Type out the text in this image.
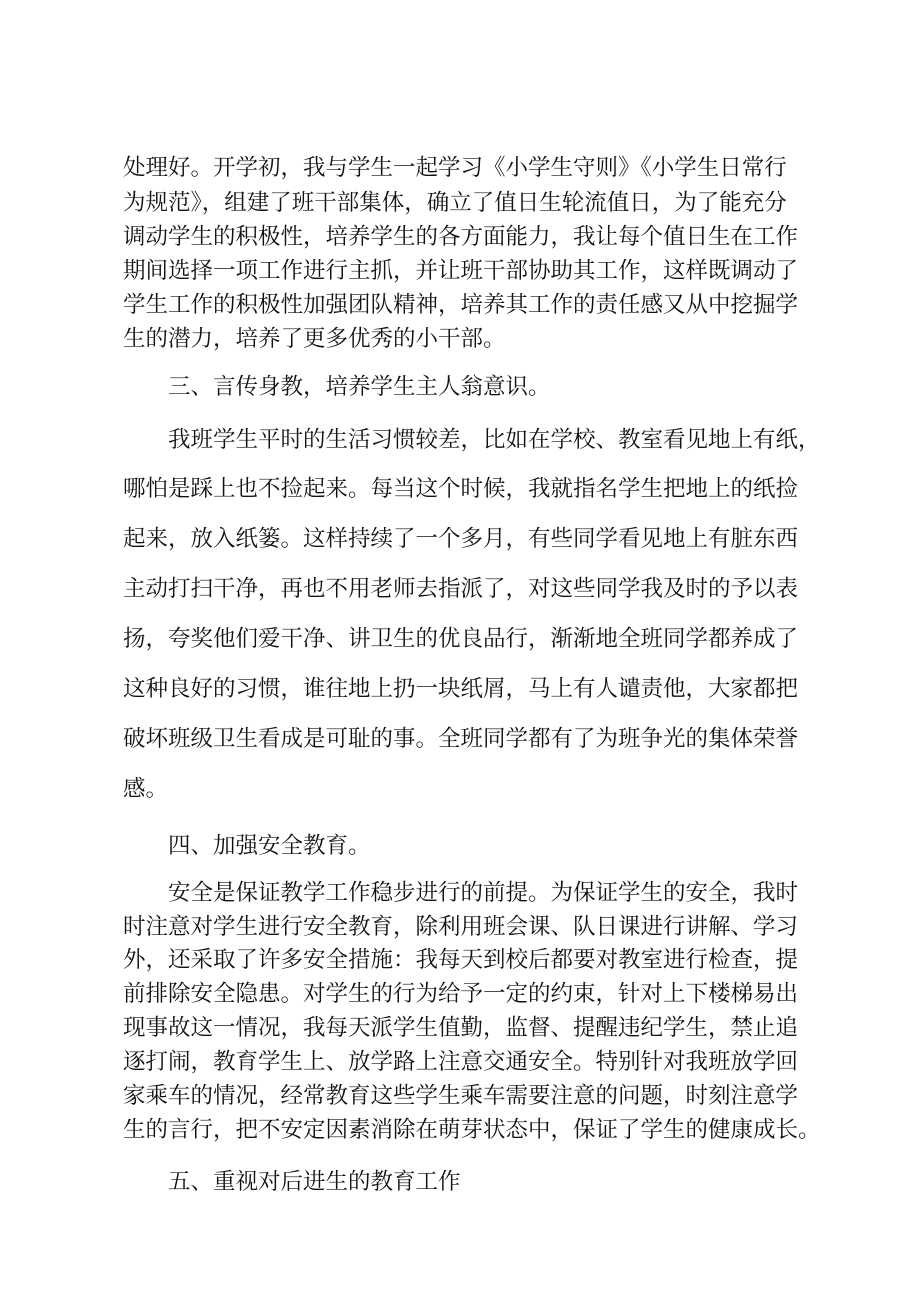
处理好。开学初，我与学生一起学习《小学生守则》《小学生日常行
为规范》，组建了班干部集体，确立了值日生轮流值日，为了能充分
调动学生的积极性，培养学生的各方面能力，我让每个值日生在工作
期间选择一项工作进行主抓，并让班干部协助其工作，这样既调动了
学生工作的积极性加强团队精神，培养其工作的责任感又从中挖掘学
生的潜力，培养了更多优秀的小干部。
三、言传身教，培养学生主人翁意识。
我班学生平时的生活习惯较差，比如在学校、教室看见地上有纸，
哪怕是踩上也不捡起来。每当这个时候，我就指名学生把地上的纸捡
起来，放入纸篓。这样持续了一个多月，有些同学看见地上有脏东西
主动打扫干净，再也不用老师去指派了，对这些同学我及时的予以表
扬，夸奖他们爱干净、讲卫生的优良品行，渐渐地全班同学都养成了
这种良好的习惯，谁往地上扔一块纸屑，马上有人谴责他，大家都把
破坏班级卫生看成是可耻的事。全班同学都有了为班争光的集体荣誉
感。
四、加强安全教育。
安全是保证教学工作稳步进行的前提。为保证学生的安全，我时
时注意对学生进行安全教育，除利用班会课、队日课进行讲解、学习
外，还采取了许多安全措施：我每天到校后都要对教室进行检查，提
前排除安全隐患。对学生的行为给予一定的约束，针对上下楼梯易出
现事故这一情况，我每天派学生值勤，监督、提醒违纪学生，禁止追
逐打闹，教育学生上、放学路上注意交通安全。特别针对我班放学回
家乘车的情况，经常教育这些学生乘车需要注意的问题，时刻注意学
生的言行，把不安定因素消除在萌芽状态中，保证了学生的健康成长。
五、重视对后进生的教育工作
